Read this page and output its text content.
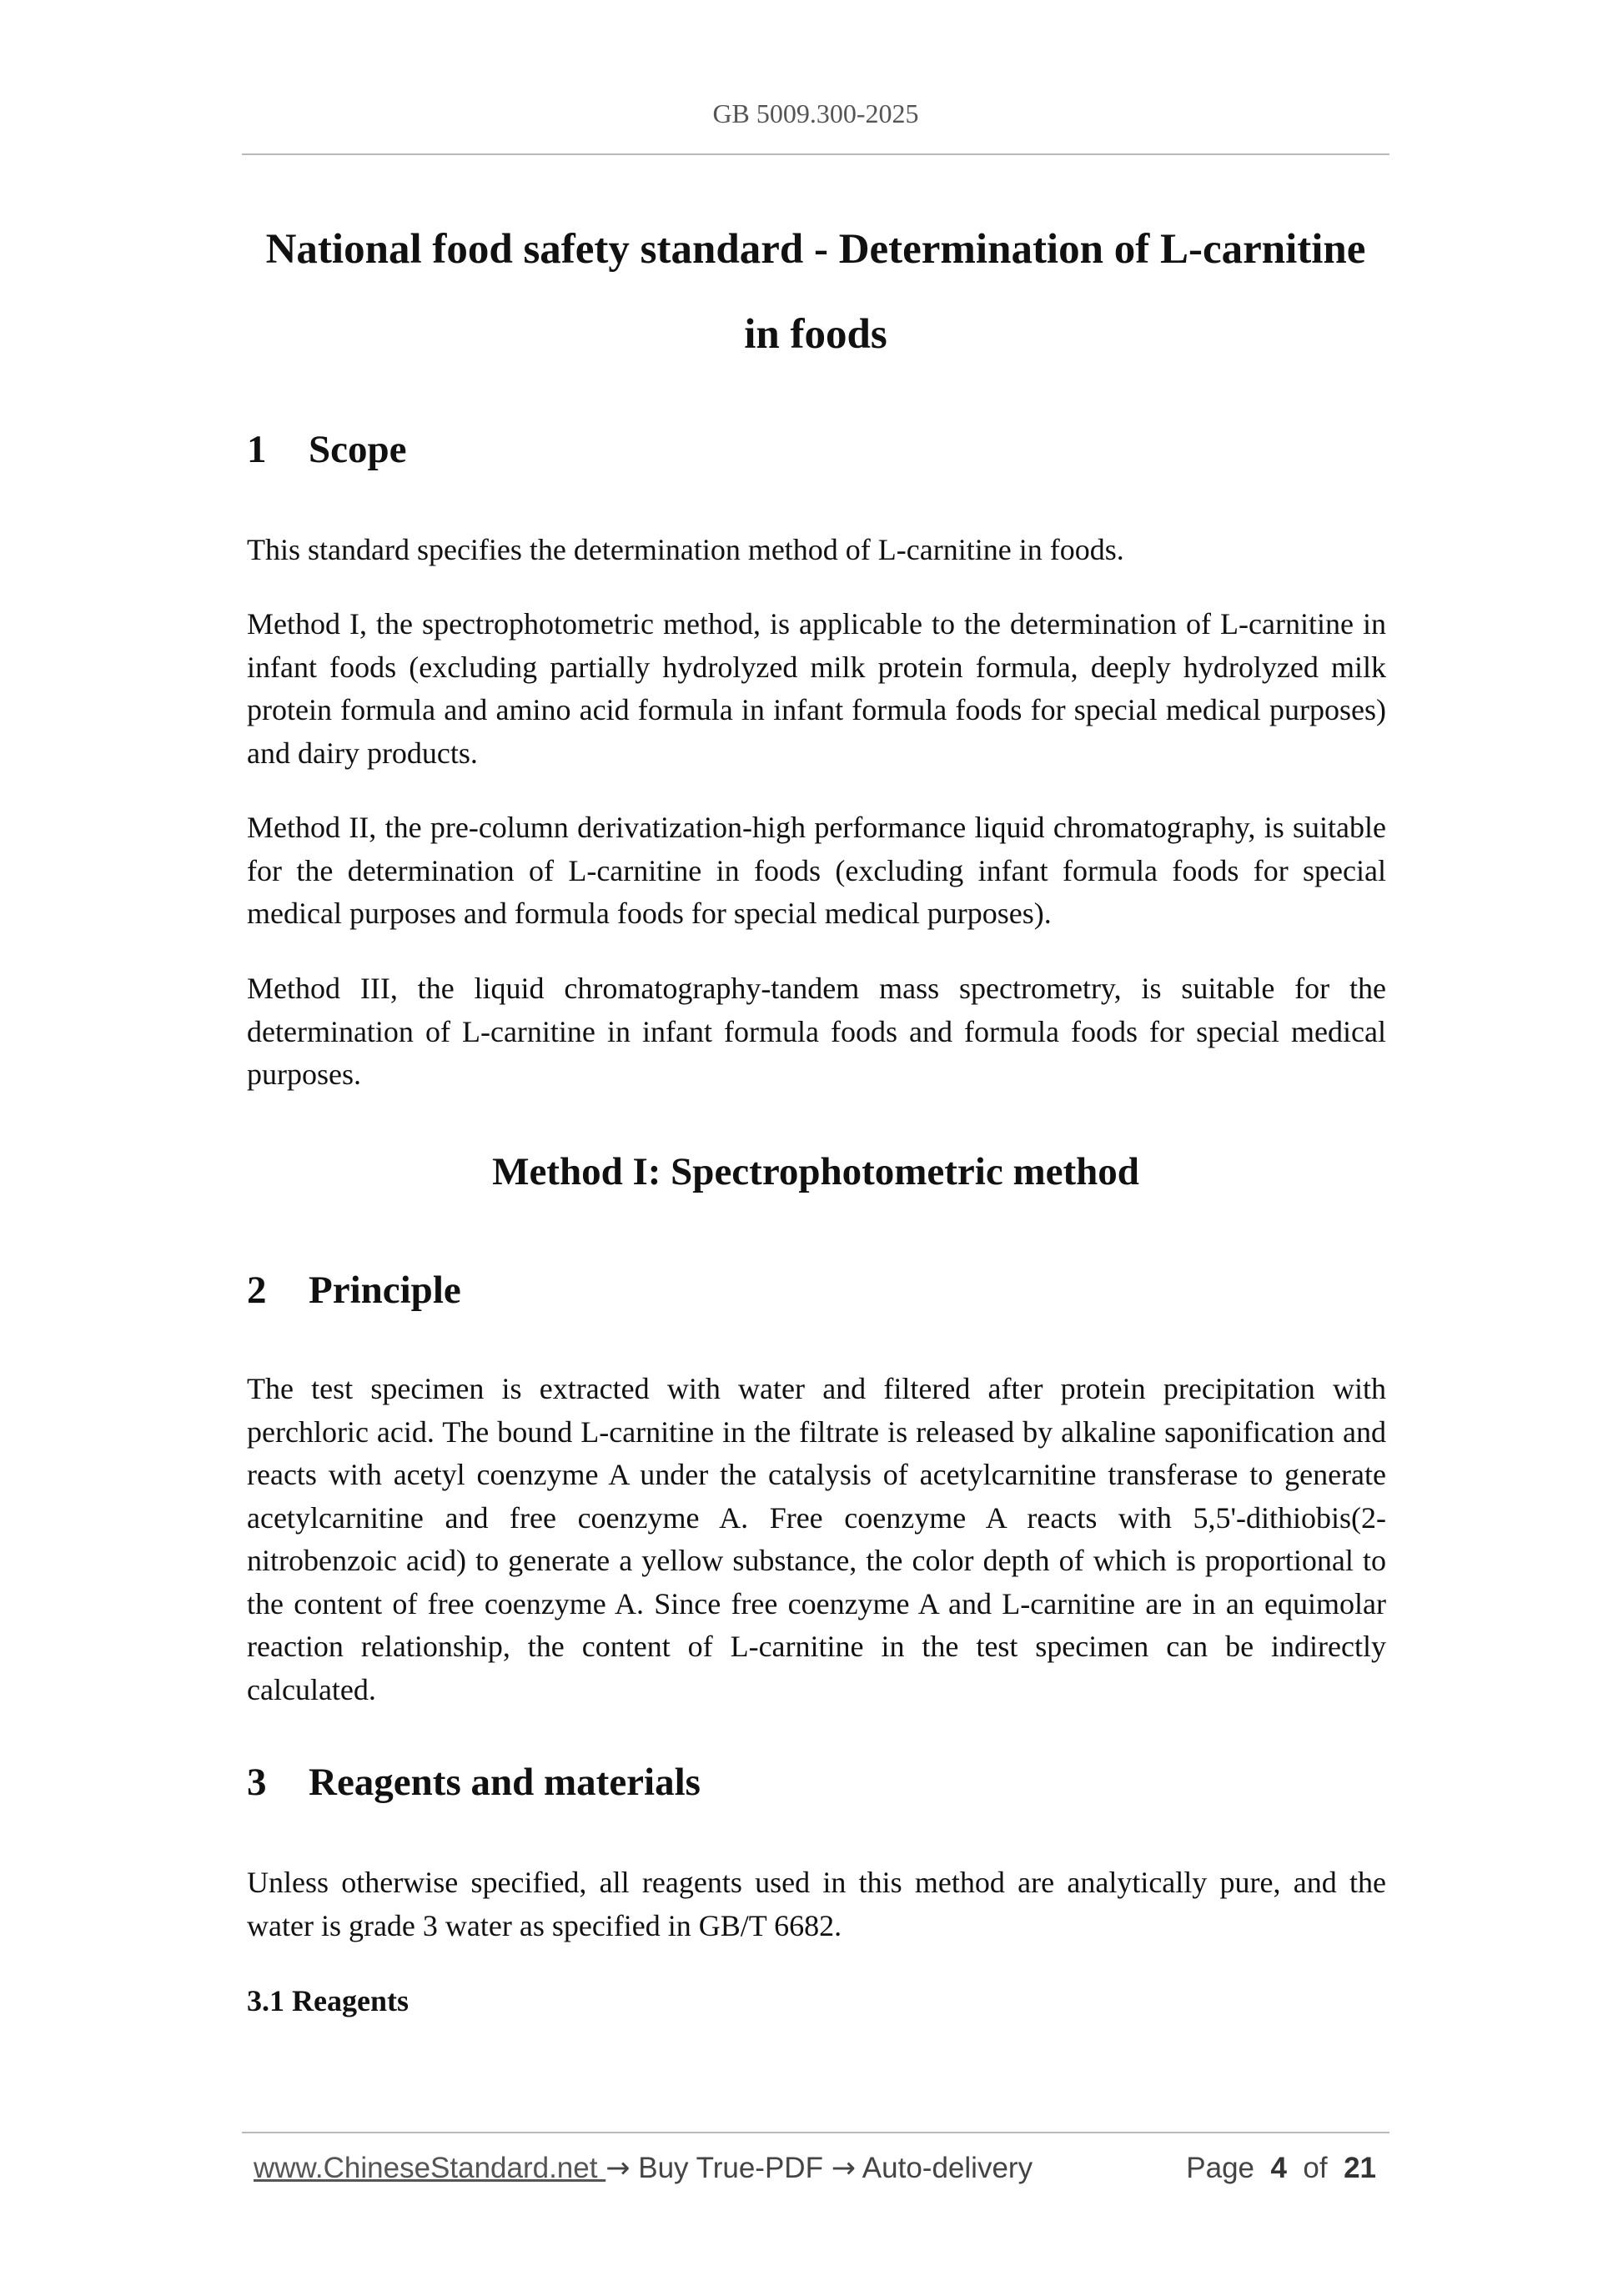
GB 5009.300-2025
National food safety standard - Determination of L-carnitine
in foods
1 Scope
This standard specifies the determination method of L-carnitine in foods.
Method I, the spectrophotometric method, is applicable to the determination of L-carnitine in infant foods (excluding partially hydrolyzed milk protein formula, deeply hydrolyzed milk protein formula and amino acid formula in infant formula foods for special medical purposes) and dairy products.
Method II, the pre-column derivatization-high performance liquid chromatography, is suitable for the determination of L-carnitine in foods (excluding infant formula foods for special medical purposes and formula foods for special medical purposes).
Method III, the liquid chromatography-tandem mass spectrometry, is suitable for the determination of L-carnitine in infant formula foods and formula foods for special medical purposes.
Method I: Spectrophotometric method
2 Principle
The test specimen is extracted with water and filtered after protein precipitation with perchloric acid. The bound L-carnitine in the filtrate is released by alkaline saponification and reacts with acetyl coenzyme A under the catalysis of acetylcarnitine transferase to generate acetylcarnitine and free coenzyme A. Free coenzyme A reacts with 5,5'-dithiobis(2-nitrobenzoic acid) to generate a yellow substance, the color depth of which is proportional to the content of free coenzyme A. Since free coenzyme A and L-carnitine are in an equimolar reaction relationship, the content of L-carnitine in the test specimen can be indirectly calculated.
3 Reagents and materials
Unless otherwise specified, all reagents used in this method are analytically pure, and the water is grade 3 water as specified in GB/T 6682.
3.1 Reagents
www.ChineseStandard.net → Buy True-PDF → Auto-delivery	Page 4 of 21
